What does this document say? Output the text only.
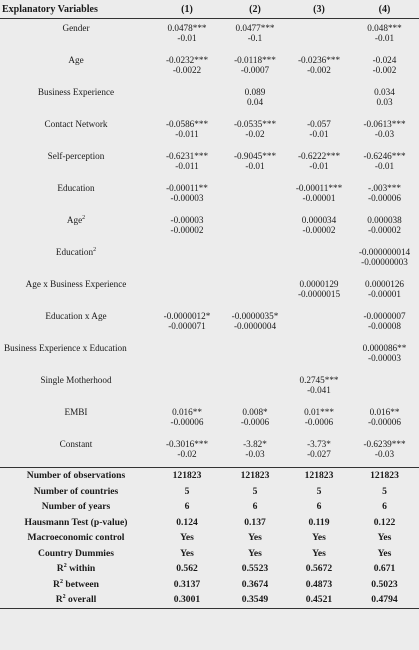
Explanatory Variables	(1)	(2)	(3)	(4)
Gender	0.0478***	0.0477***		0.048***
	-0.01	-0.1		-0.01
Age	-0.0232***	-0.0118***	-0.0236***	-0.024
	-0.0022	-0.0007	-0.002	-0.002
Business Experience		0.089		0.034
		0.04		0.03
Contact Network	-0.0586***	-0.0535***	-0.057	-0.0613***
	-0.011	-0.02	-0.01	-0.03
Self-perception	-0.6231***	-0.9045***	-0.6222***	-0.6246***
	-0.011	-0.01	-0.01	-0.01
Education	-0.00011**		-0.00011***	-.003***
	-0.00003		-0.00001	-0.00006
Age$^2$	-0.00003		0.000034	0.000038
	-0.00002		-0.00002	-0.00002
Education$^2$				-0.000000014
				-0.00000003
Age x Business Experience			0.0000129	0.0000126
			-0.0000015	-0.00001
Education x Age	-0.0000012*	-0.0000035*		-0.0000007
	-0.000071	-0.0000004		-0.00008
Business Experience x Education				0.000086**
				-0.00003
Single Motherhood			0.2745***	
			-0.041	
EMBI	0.016**	0.008*	0.01***	0.016**
	-0.00006	-0.0006	-0.0006	-0.00006
Constant	-0.3016***	-3.82*	-3.73*	-0.6239***
	-0.02	-0.03	-0.027	-0.03
Number of observations	121823	121823	121823	121823
Number of countries	5	5	5	5
Number of years	6	6	6	6
Hausmann Test (p-value)	0.124	0.137	0.119	0.122
Macroeconomic control	Yes	Yes	Yes	Yes
Country Dummies	Yes	Yes	Yes	Yes
$R^2$ within	0.562	0.5523	0.5672	0.671
$R^2$ between	0.3137	0.3674	0.4873	0.5023
$R^2$ overall	0.3001	0.3549	0.4521	0.4794
